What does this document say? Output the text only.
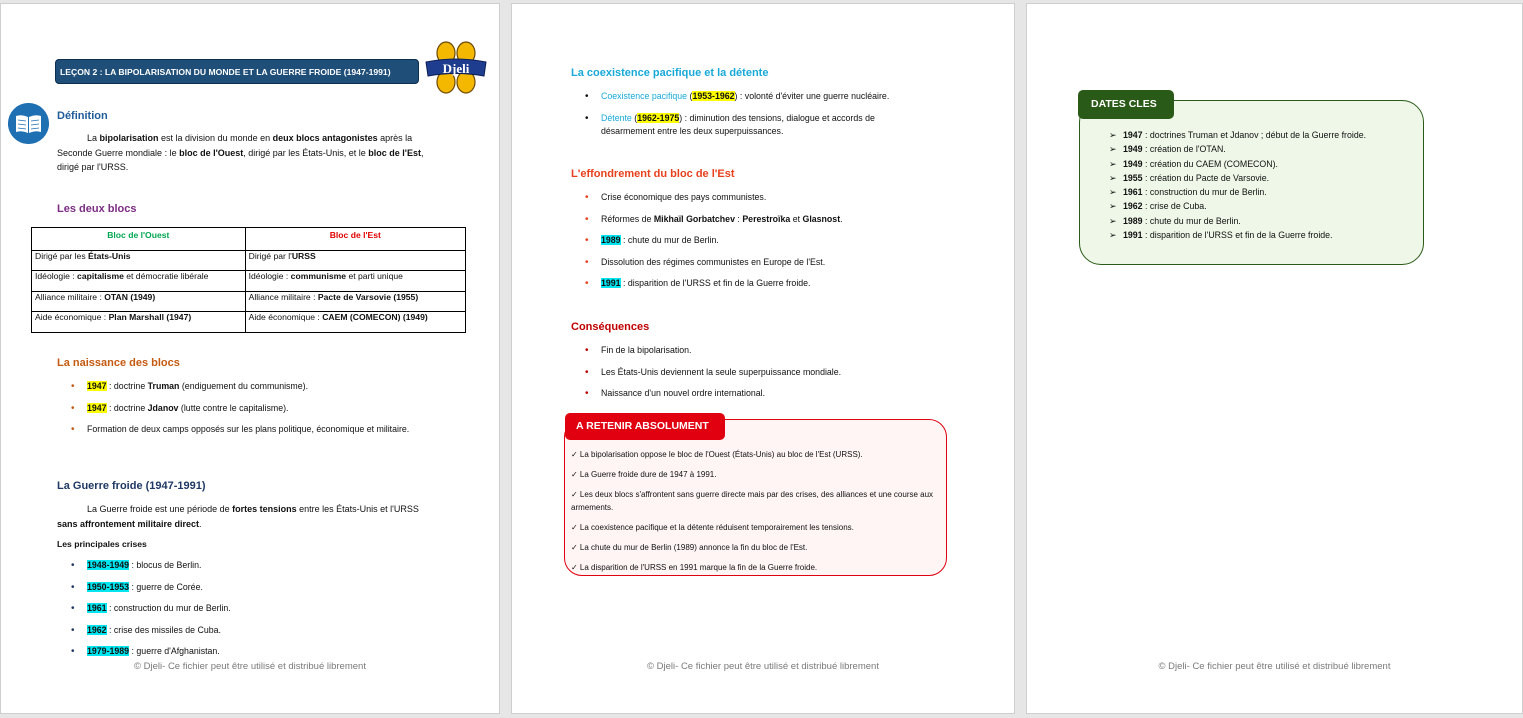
LEÇON 2 : LA BIPOLARISATION DU MONDE ET LA GUERRE FROIDE (1947-1991)	Djeli
Définition

La bipolarisation est la division du monde en deux blocs antagonistes après la Seconde Guerre mondiale : le bloc de l'Ouest, dirigé par les États-Unis, et le bloc de l'Est, dirigé par l'URSS.

Les deux blocs
Bloc de l'Ouest	Bloc de l'Est
Dirigé par les États-Unis	Dirigé par l'URSS
Idéologie : capitalisme et démocratie libérale	Idéologie : communisme et parti unique
Alliance militaire : OTAN (1949)	Alliance militaire : Pacte de Varsovie (1955)
Aide économique : Plan Marshall (1947)	Aide économique : CAEM (COMECON) (1949)
La naissance des blocs
• 1947 : doctrine Truman (endiguement du communisme).
• 1947 : doctrine Jdanov (lutte contre le capitalisme).
• Formation de deux camps opposés sur les plans politique, économique et militaire.
La Guerre froide (1947-1991)

La Guerre froide est une période de fortes tensions entre les États-Unis et l'URSS sans affrontement militaire direct.

Les principales crises
• 1948-1949 : blocus de Berlin.
• 1950-1953 : guerre de Corée.
• 1961 : construction du mur de Berlin.
• 1962 : crise des missiles de Cuba.
• 1979-1989 : guerre d'Afghanistan.
© Djeli- Ce fichier peut être utilisé et distribué librement
La coexistence pacifique et la détente
• Coexistence pacifique (1953-1962) : volonté d'éviter une guerre nucléaire.
• Détente (1962-1975) : diminution des tensions, dialogue et accords de désarmement entre les deux superpuissances.
L'effondrement du bloc de l'Est
• Crise économique des pays communistes.
• Réformes de Mikhaïl Gorbatchev : Perestroïka et Glasnost.
• 1989 : chute du mur de Berlin.
• Dissolution des régimes communistes en Europe de l'Est.
• 1991 : disparition de l'URSS et fin de la Guerre froide.
Conséquences
• Fin de la bipolarisation.
• Les États-Unis deviennent la seule superpuissance mondiale.
• Naissance d'un nouvel ordre international.
A RETENIR ABSOLUMENT
✓ La bipolarisation oppose le bloc de l'Ouest (États-Unis) au bloc de l'Est (URSS).
✓ La Guerre froide dure de 1947 à 1991.
✓ Les deux blocs s'affrontent sans guerre directe mais par des crises, des alliances et une course aux armements.
✓ La coexistence pacifique et la détente réduisent temporairement les tensions.
✓ La chute du mur de Berlin (1989) annonce la fin du bloc de l'Est.
✓ La disparition de l'URSS en 1991 marque la fin de la Guerre froide.
© Djeli- Ce fichier peut être utilisé et distribué librement
DATES CLES
➢ 1947 : doctrines Truman et Jdanov ; début de la Guerre froide.
➢ 1949 : création de l'OTAN.
➢ 1949 : création du CAEM (COMECON).
➢ 1955 : création du Pacte de Varsovie.
➢ 1961 : construction du mur de Berlin.
➢ 1962 : crise de Cuba.
➢ 1989 : chute du mur de Berlin.
➢ 1991 : disparition de l'URSS et fin de la Guerre froide.
© Djeli- Ce fichier peut être utilisé et distribué librement
